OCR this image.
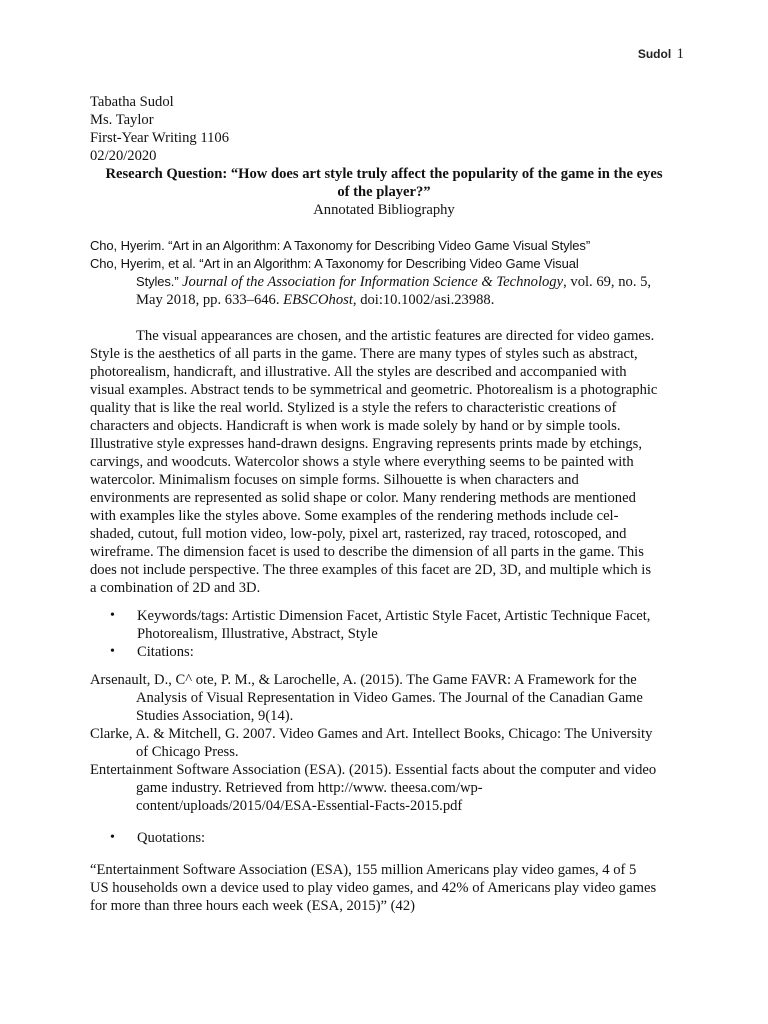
Sudol 1
Tabatha Sudol
Ms. Taylor
First-Year Writing 1106
02/20/2020
Research Question: “How does art style truly affect the popularity of the game in the eyes
of the player?”
Annotated Bibliography
Cho, Hyerim. “Art in an Algorithm: A Taxonomy for Describing Video Game Visual Styles”
Cho, Hyerim, et al. “Art in an Algorithm: A Taxonomy for Describing Video Game Visual
Styles.” Journal of the Association for Information Science & Technology, vol. 69, no. 5,
May 2018, pp. 633–646. EBSCOhost, doi:10.1002/asi.23988.
The visual appearances are chosen, and the artistic features are directed for video games.
Style is the aesthetics of all parts in the game. There are many types of styles such as abstract,
photorealism, handicraft, and illustrative. All the styles are described and accompanied with
visual examples. Abstract tends to be symmetrical and geometric. Photorealism is a photographic
quality that is like the real world. Stylized is a style the refers to characteristic creations of
characters and objects. Handicraft is when work is made solely by hand or by simple tools.
Illustrative style expresses hand-drawn designs. Engraving represents prints made by etchings,
carvings, and woodcuts. Watercolor shows a style where everything seems to be painted with
watercolor. Minimalism focuses on simple forms. Silhouette is when characters and
environments are represented as solid shape or color. Many rendering methods are mentioned
with examples like the styles above. Some examples of the rendering methods include cel-
shaded, cutout, full motion video, low-poly, pixel art, rasterized, ray traced, rotoscoped, and
wireframe. The dimension facet is used to describe the dimension of all parts in the game. This
does not include perspective. The three examples of this facet are 2D, 3D, and multiple which is
a combination of 2D and 3D.
• Keywords/tags: Artistic Dimension Facet, Artistic Style Facet, Artistic Technique Facet,
Photorealism, Illustrative, Abstract, Style
• Citations:
Arsenault, D., C^ ote, P. M., & Larochelle, A. (2015). The Game FAVR: A Framework for the
Analysis of Visual Representation in Video Games. The Journal of the Canadian Game
Studies Association, 9(14).
Clarke, A. & Mitchell, G. 2007. Video Games and Art. Intellect Books, Chicago: The University
of Chicago Press.
Entertainment Software Association (ESA). (2015). Essential facts about the computer and video
game industry. Retrieved from http://www. theesa.com/wp-
content/uploads/2015/04/ESA-Essential-Facts-2015.pdf
• Quotations:
“Entertainment Software Association (ESA), 155 million Americans play video games, 4 of 5
US households own a device used to play video games, and 42% of Americans play video games
for more than three hours each week (ESA, 2015)” (42)
